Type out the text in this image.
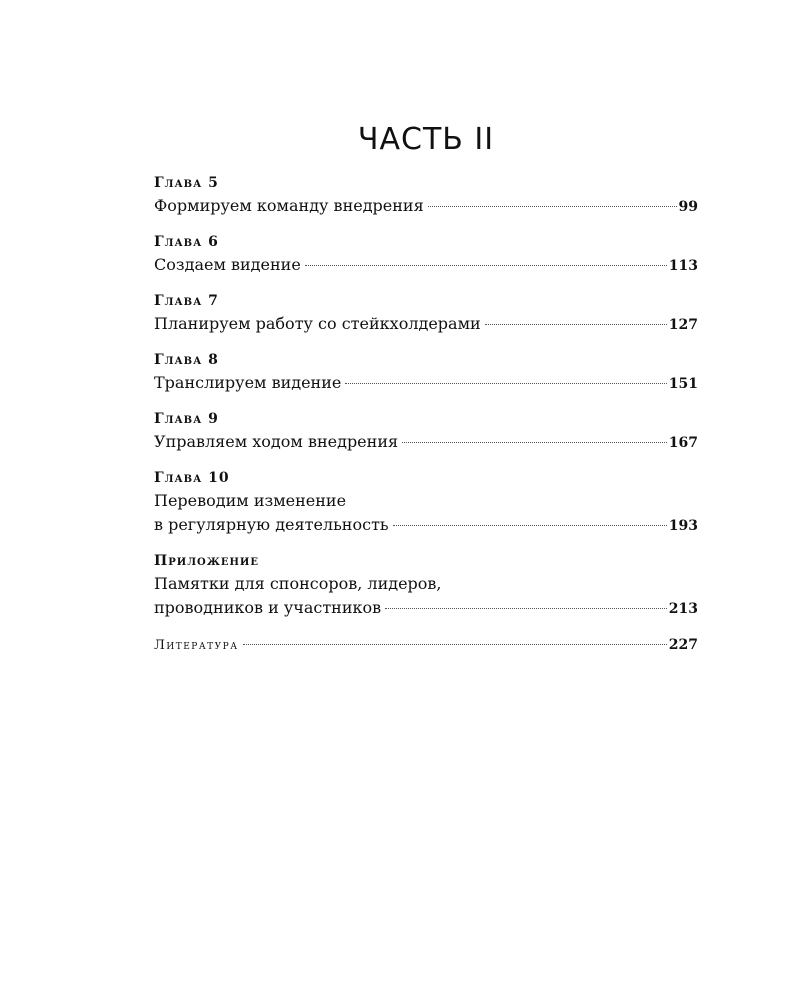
ЧАСТЬ II
Глава 5
Формируем команду внедрения	99
Глава 6
Создаем видение	113
Глава 7
Планируем работу со стейкхолдерами	127
Глава 8
Транслируем видение	151
Глава 9
Управляем ходом внедрения	167
Глава 10
Переводим изменение
в регулярную деятельность	193
Приложение
Памятки для спонсоров, лидеров,
проводников и участников	213
Литература	227
